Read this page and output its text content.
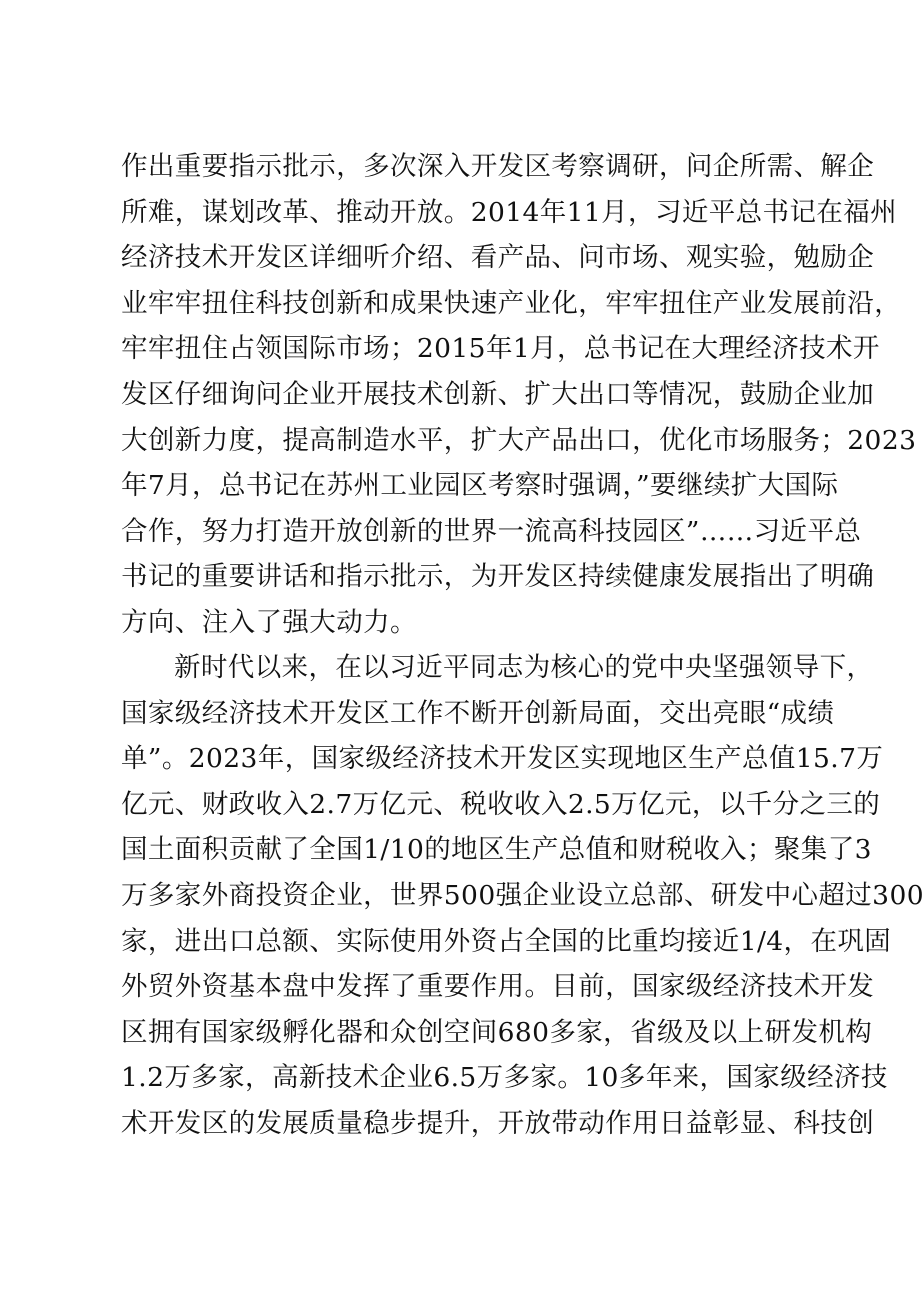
作出重要指示批示，多次深入开发区考察调研，问企所需、解企
所难，谋划改革、推动开放。2014年11月，习近平总书记在福州
经济技术开发区详细听介绍、看产品、问市场、观实验，勉励企
业牢牢扭住科技创新和成果快速产业化，牢牢扭住产业发展前沿，
牢牢扭住占领国际市场；2015年1月，总书记在大理经济技术开
发区仔细询问企业开展技术创新、扩大出口等情况，鼓励企业加
大创新力度，提高制造水平，扩大产品出口，优化市场服务；2023
年7月，总书记在苏州工业园区考察时强调，”要继续扩大国际
合作，努力打造开放创新的世界一流高科技园区”……习近平总
书记的重要讲话和指示批示，为开发区持续健康发展指出了明确
方向、注入了强大动力。
新时代以来，在以习近平同志为核心的党中央坚强领导下，
国家级经济技术开发区工作不断开创新局面，交出亮眼“成绩
单”。2023年，国家级经济技术开发区实现地区生产总值15.7万
亿元、财政收入2.7万亿元、税收收入2.5万亿元，以千分之三的
国土面积贡献了全国1/10的地区生产总值和财税收入；聚集了3
万多家外商投资企业，世界500强企业设立总部、研发中心超过300
家，进出口总额、实际使用外资占全国的比重均接近1/4，在巩固
外贸外资基本盘中发挥了重要作用。目前，国家级经济技术开发
区拥有国家级孵化器和众创空间680多家，省级及以上研发机构
1.2万多家，高新技术企业6.5万多家。10多年来，国家级经济技
术开发区的发展质量稳步提升，开放带动作用日益彰显、科技创
